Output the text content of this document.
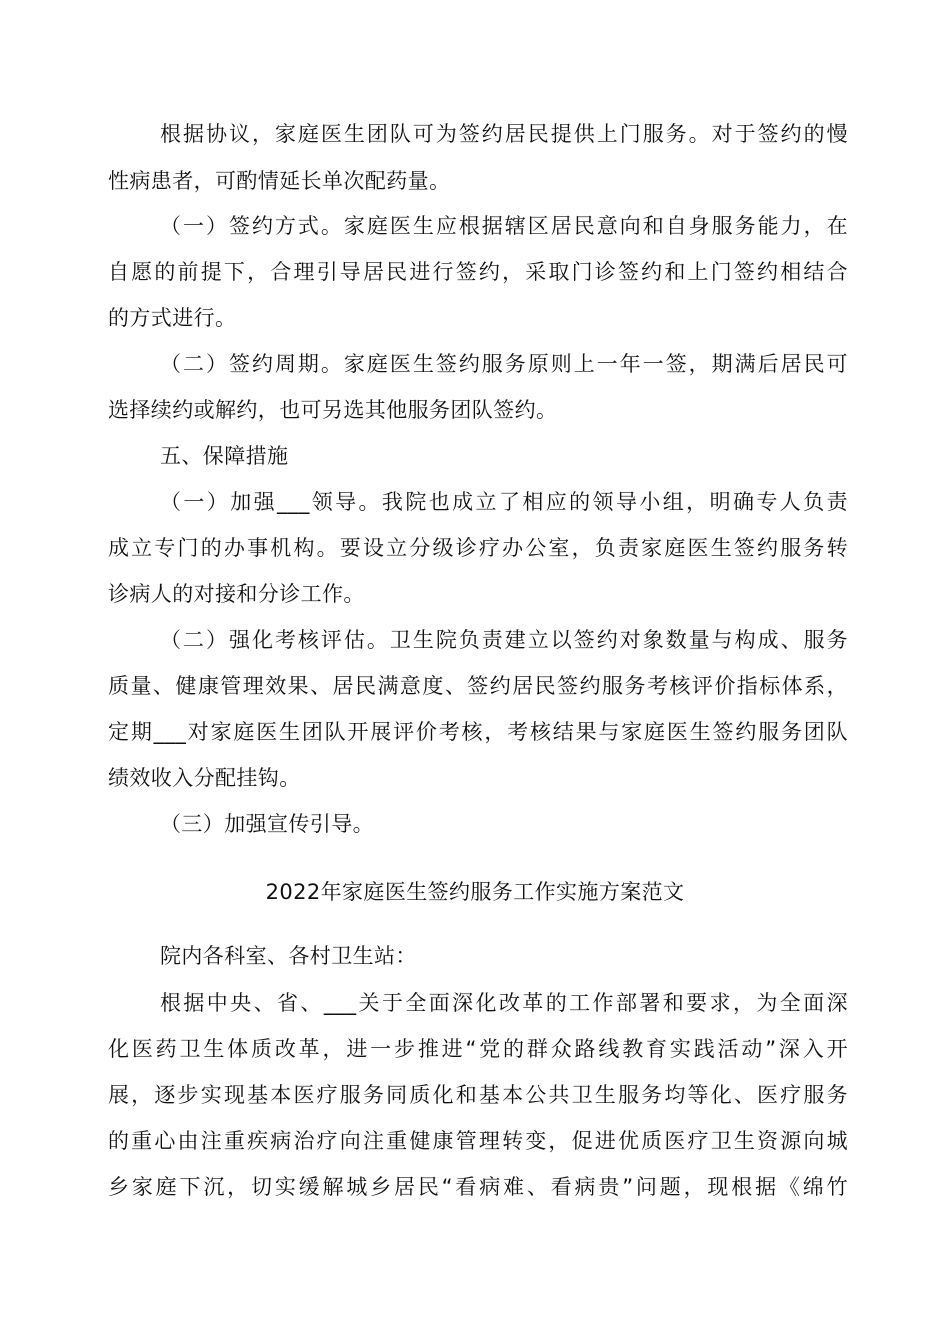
根据协议，家庭医生团队可为签约居民提供上门服务。对于签约的慢
性病患者，可酌情延长单次配药量。
（一）签约方式。家庭医生应根据辖区居民意向和自身服务能力，在
自愿的前提下，合理引导居民进行签约，采取门诊签约和上门签约相结合
的方式进行。
（二）签约周期。家庭医生签约服务原则上一年一签，期满后居民可
选择续约或解约，也可另选其他服务团队签约。
五、保障措施
（一）加强___领导。我院也成立了相应的领导小组，明确专人负责
成立专门的办事机构。要设立分级诊疗办公室，负责家庭医生签约服务转
诊病人的对接和分诊工作。
（二）强化考核评估。卫生院负责建立以签约对象数量与构成、服务
质量、健康管理效果、居民满意度、签约居民签约服务考核评价指标体系，
定期___对家庭医生团队开展评价考核，考核结果与家庭医生签约服务团队
绩效收入分配挂钩。
（三）加强宣传引导。
2022年家庭医生签约服务工作实施方案范文
院内各科室、各村卫生站：
根据中央、省、___关于全面深化改革的工作部署和要求，为全面深
化医药卫生体质改革，进一步推进“党的群众路线教育实践活动”深入开
展，逐步实现基本医疗服务同质化和基本公共卫生服务均等化、医疗服务
的重心由注重疾病治疗向注重健康管理转变，促进优质医疗卫生资源向城
乡家庭下沉，切实缓解城乡居民“看病难、看病贵”问题，现根据《绵竹
